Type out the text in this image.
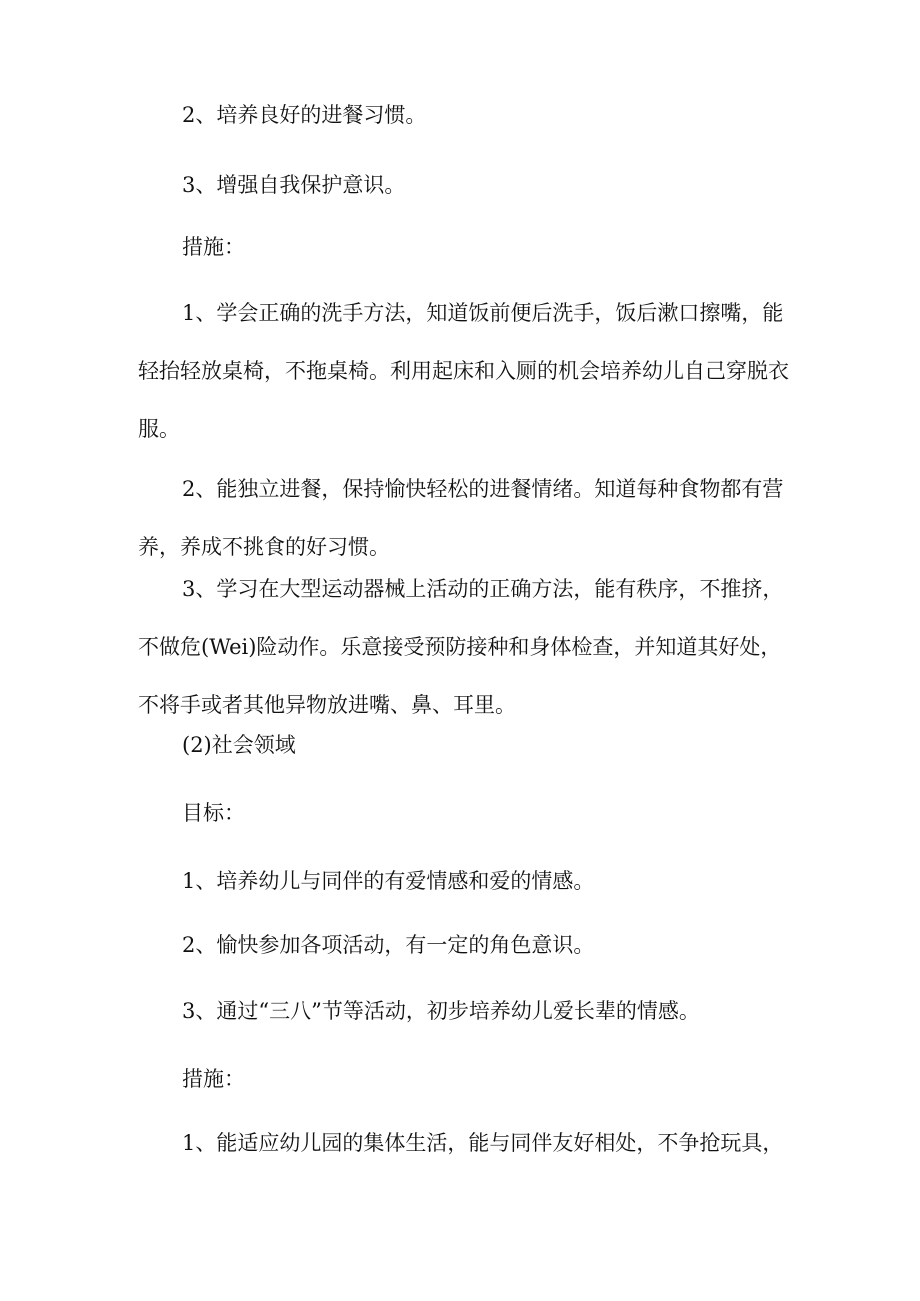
2、培养良好的进餐习惯。

3、增强自我保护意识。

措施：

1、学会正确的洗手方法，知道饭前便后洗手，饭后漱口擦嘴，能轻抬轻放桌椅，不拖桌椅。利用起床和入厕的机会培养幼儿自己穿脱衣服。

2、能独立进餐，保持愉快轻松的进餐情绪。知道每种食物都有营养，养成不挑食的好习惯。

3、学习在大型运动器械上活动的正确方法，能有秩序，不推挤，不做危(Wei)险动作。乐意接受预防接种和身体检查，并知道其好处，不将手或者其他异物放进嘴、鼻、耳里。

(2)社会领域

目标：

1、培养幼儿与同伴的有爱情感和爱的情感。

2、愉快参加各项活动，有一定的角色意识。

3、通过“三八”节等活动，初步培养幼儿爱长辈的情感。

措施：

1、能适应幼儿园的集体生活，能与同伴友好相处，不争抢玩具，
